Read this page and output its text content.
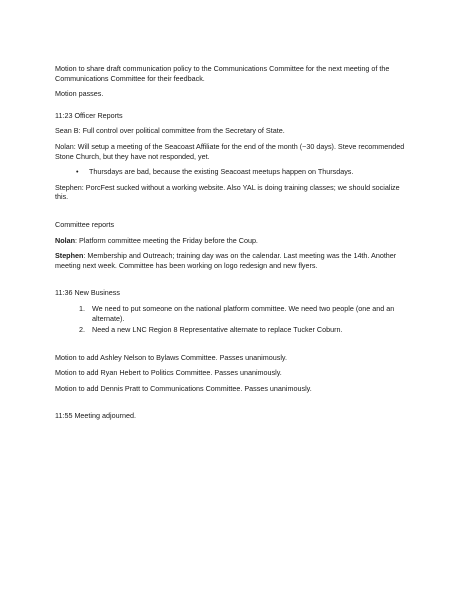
Motion to share draft communication policy to the Communications Committee for the next meeting of the Communications Committee for their feedback.

Motion passes.

11:23 Officer Reports

Sean B: Full control over political committee from the Secretary of State.

Nolan: Will setup a meeting of the Seacoast Affiliate for the end of the month (~30 days). Steve recommended Stone Church, but they have not responded, yet.

• Thursdays are bad, because the existing Seacoast meetups happen on Thursdays.

Stephen: PorcFest sucked without a working website. Also YAL is doing training classes; we should socialize this.

Committee reports

Nolan: Platform committee meeting the Friday before the Coup.

Stephen: Membership and Outreach; training day was on the calendar. Last meeting was the 14th. Another meeting next week. Committee has been working on logo redesign and new flyers.

11:36 New Business

1. We need to put someone on the national platform committee. We need two people (one and an alternate).
2. Need a new LNC Region 8 Representative alternate to replace Tucker Coburn.

Motion to add Ashley Nelson to Bylaws Committee. Passes unanimously.

Motion to add Ryan Hebert to Politics Committee. Passes unanimously.

Motion to add Dennis Pratt to Communications Committee. Passes unanimously.

11:55 Meeting adjourned.
